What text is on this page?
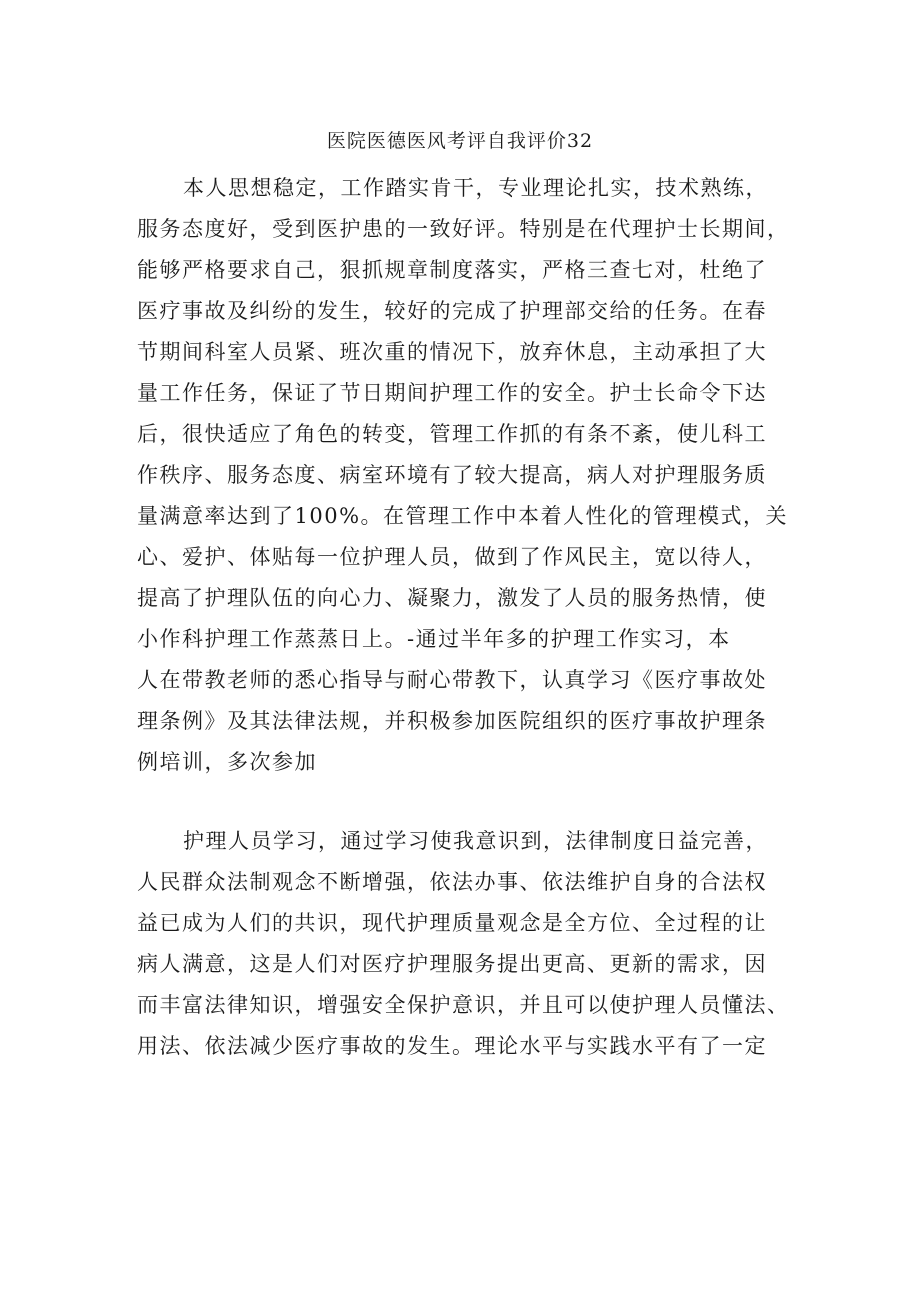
医院医德医风考评自我评价32
本人思想稳定，工作踏实肯干，专业理论扎实，技术熟练，
服务态度好，受到医护患的一致好评。特别是在代理护士长期间，
能够严格要求自己，狠抓规章制度落实，严格三查七对，杜绝了
医疗事故及纠纷的发生，较好的完成了护理部交给的任务。在春
节期间科室人员紧、班次重的情况下，放弃休息，主动承担了大
量工作任务，保证了节日期间护理工作的安全。护士长命令下达
后，很快适应了角色的转变，管理工作抓的有条不紊，使儿科工
作秩序、服务态度、病室环境有了较大提高，病人对护理服务质
量满意率达到了100%。在管理工作中本着人性化的管理模式，关
心、爱护、体贴每一位护理人员，做到了作风民主，宽以待人，
提高了护理队伍的向心力、凝聚力，激发了人员的服务热情，使
小作科护理工作蒸蒸日上。-通过半年多的护理工作实习，本
人在带教老师的悉心指导与耐心带教下，认真学习《医疗事故处
理条例》及其法律法规，并积极参加医院组织的医疗事故护理条
例培训，多次参加
护理人员学习，通过学习使我意识到，法律制度日益完善，
人民群众法制观念不断增强，依法办事、依法维护自身的合法权
益已成为人们的共识，现代护理质量观念是全方位、全过程的让
病人满意，这是人们对医疗护理服务提出更高、更新的需求，因
而丰富法律知识，增强安全保护意识，并且可以使护理人员懂法、
用法、依法减少医疗事故的发生。理论水平与实践水平有了一定
